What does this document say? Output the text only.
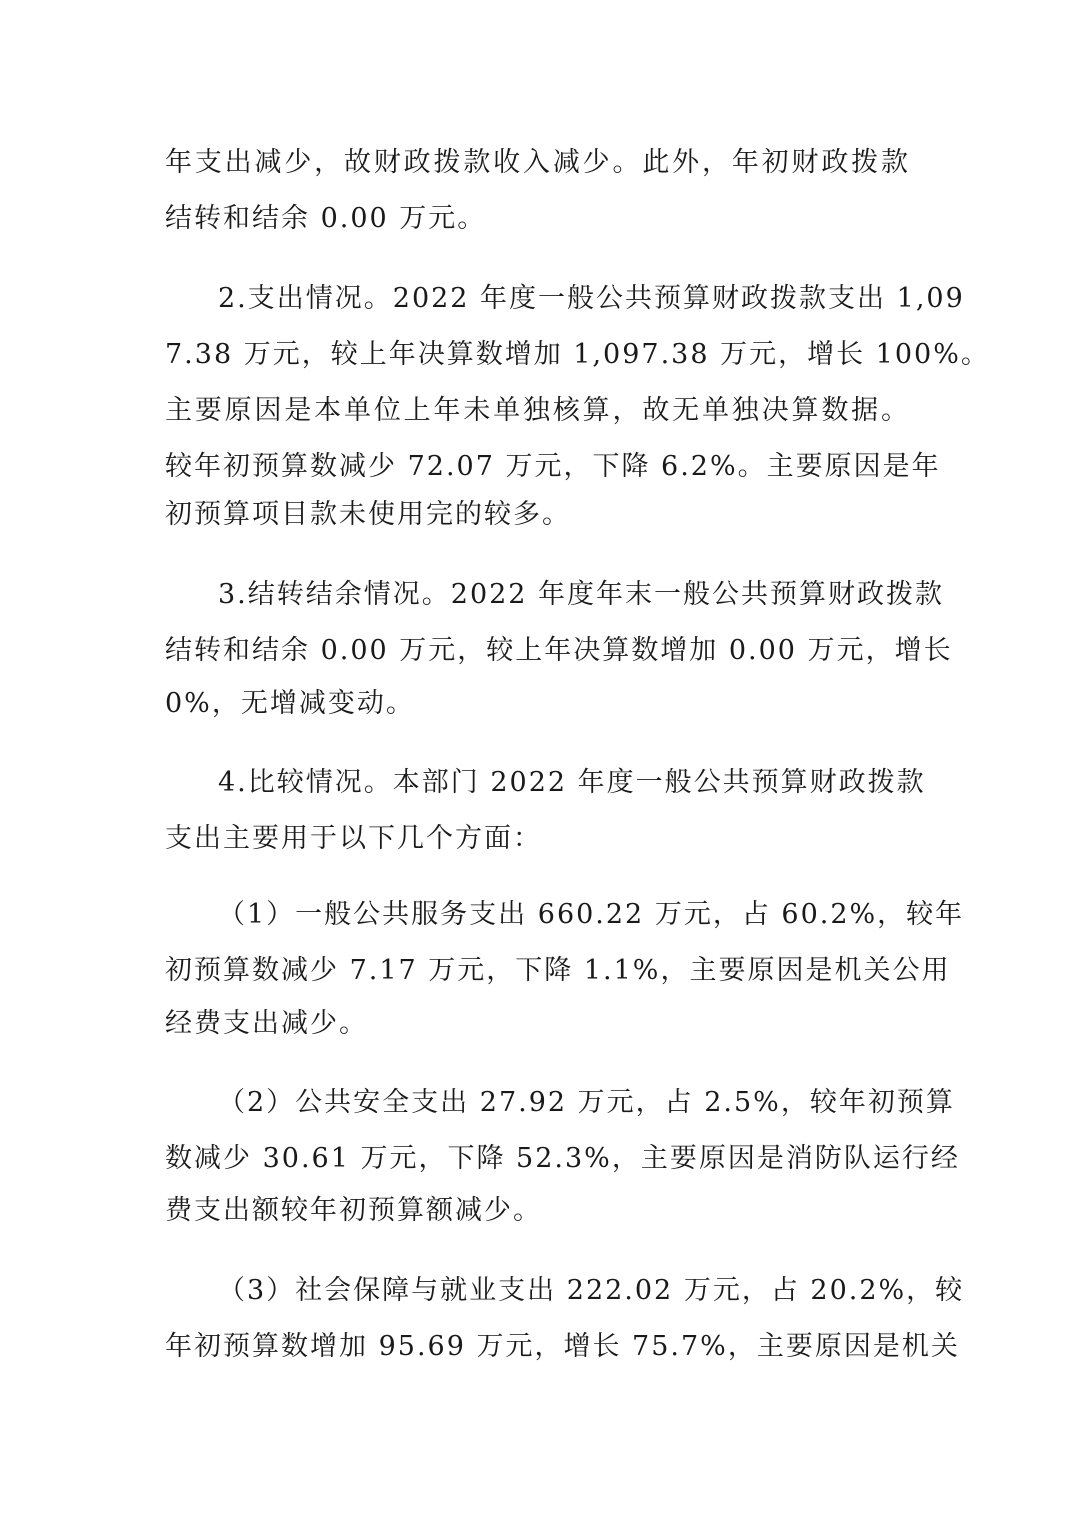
年支出减少，故财政拨款收入减少。此外，年初财政拨款
结转和结余 0.00 万元。
2.支出情况。2022 年度一般公共预算财政拨款支出 1,09
7.38 万元，较上年决算数增加 1,097.38 万元，增长 100%。
主要原因是本单位上年未单独核算，故无单独决算数据。
较年初预算数减少 72.07 万元，下降 6.2%。主要原因是年
初预算项目款未使用完的较多。
3.结转结余情况。2022 年度年末一般公共预算财政拨款
结转和结余 0.00 万元，较上年决算数增加 0.00 万元，增长
0%，无增减变动。
4.比较情况。本部门 2022 年度一般公共预算财政拨款
支出主要用于以下几个方面：
（1）一般公共服务支出 660.22 万元，占 60.2%，较年
初预算数减少 7.17 万元，下降 1.1%，主要原因是机关公用
经费支出减少。
（2）公共安全支出 27.92 万元，占 2.5%，较年初预算
数减少 30.61 万元，下降 52.3%，主要原因是消防队运行经
费支出额较年初预算额减少。
（3）社会保障与就业支出 222.02 万元，占 20.2%，较
年初预算数增加 95.69 万元，增长 75.7%，主要原因是机关
